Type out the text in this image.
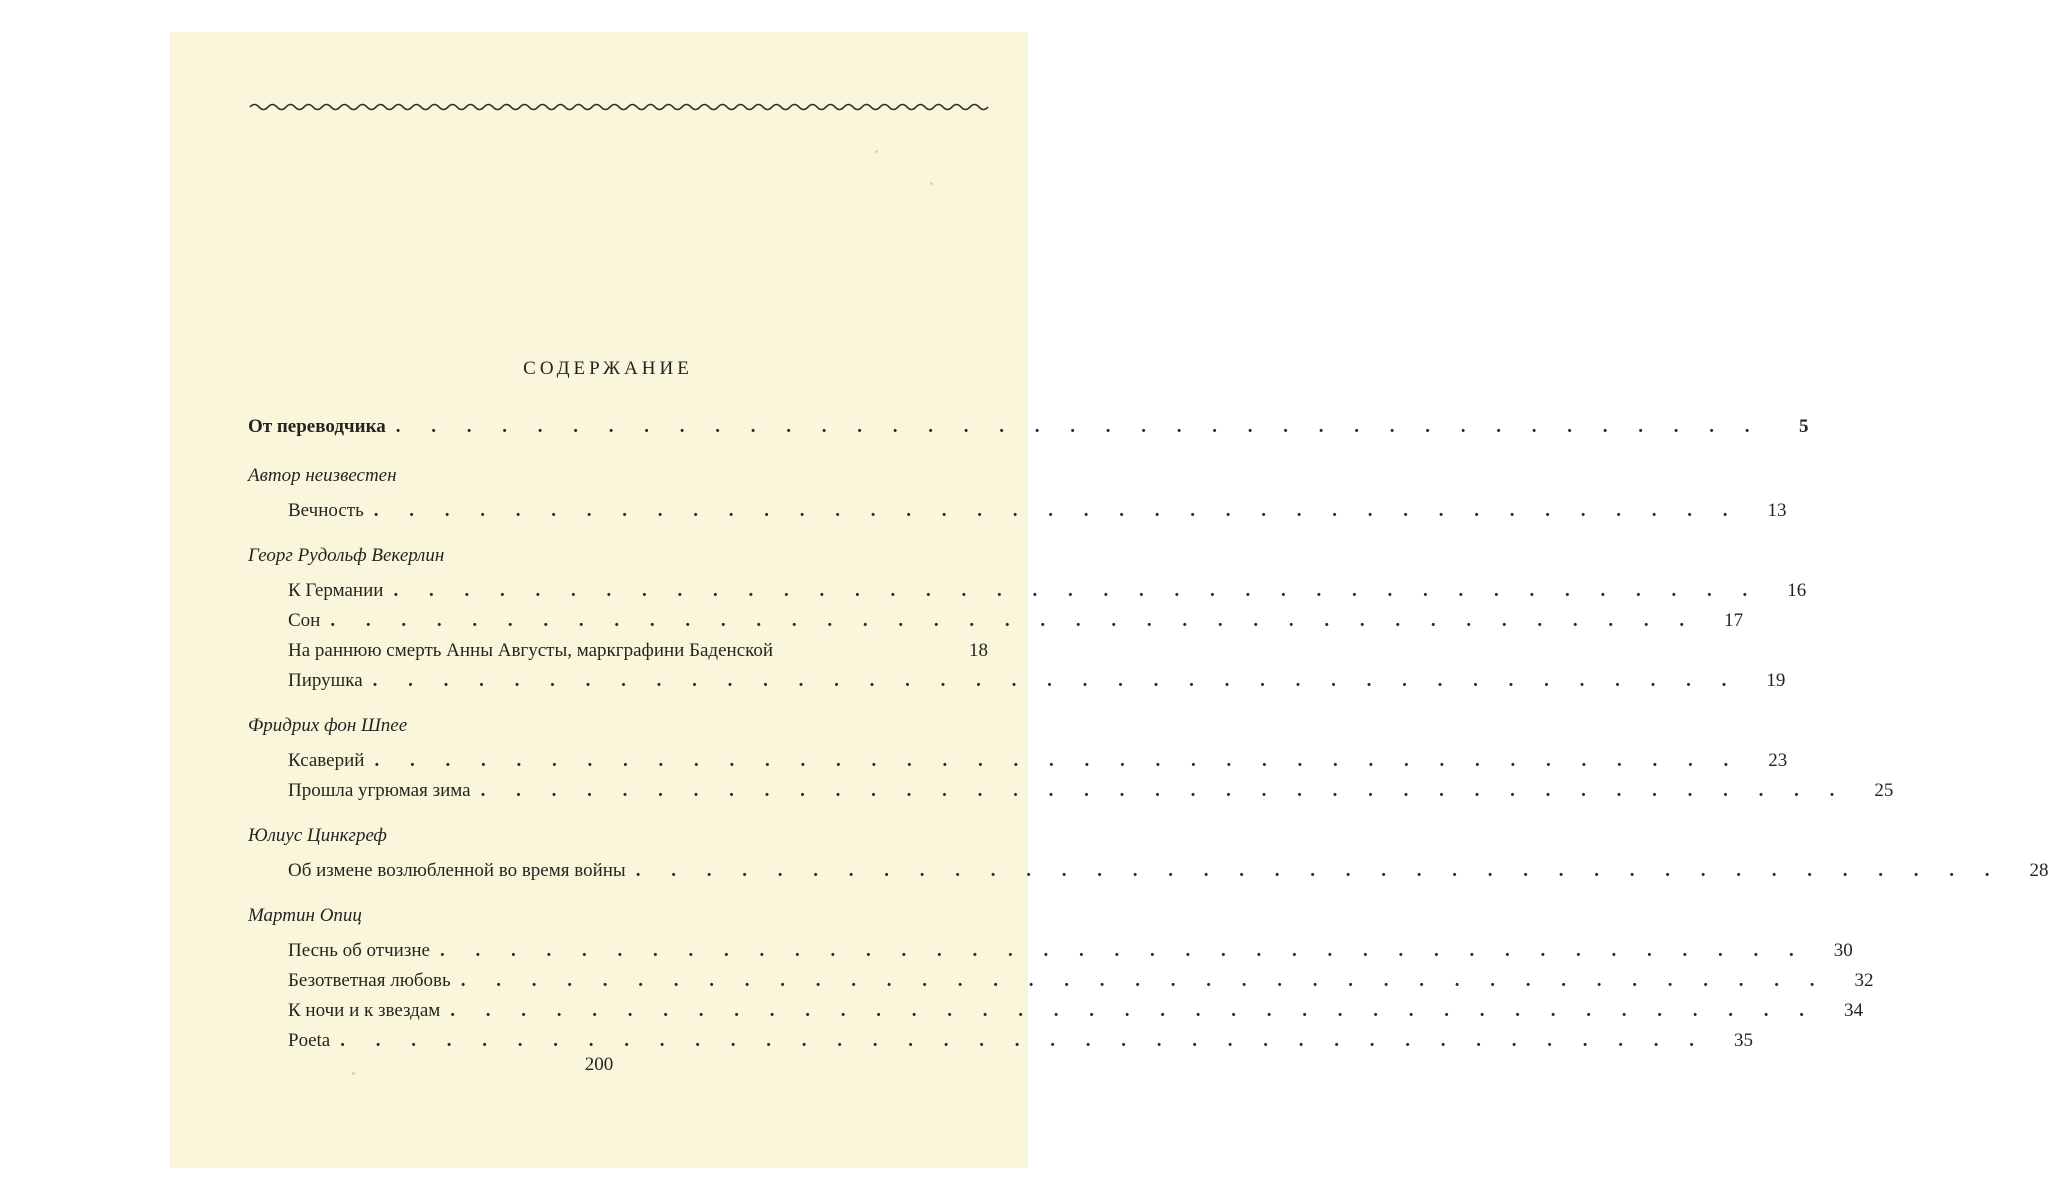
СОДЕРЖАНИЕ
От переводчика . . . . . . . . . . . . . . . . . . . . . . . . . . . . . . . . . . . . . . .	5
Автор неизвестен
Вечность . . . . . . . . . . . . . . . . . . . . . . . . . . . . . . . . . . . . . . .	13
Георг Рудольф Векерлин
К Германии . . . . . . . . . . . . . . . . . . . . . . . . . . . . . . . . . . . . . . .	16
Сон . . . . . . . . . . . . . . . . . . . . . . . . . . . . . . . . . . . . . . .	17
На раннюю смерть Анны Августы, маркграфини Баденской	18
Пирушка . . . . . . . . . . . . . . . . . . . . . . . . . . . . . . . . . . . . . . .	19
Фридрих фон Шпее
Ксаверий . . . . . . . . . . . . . . . . . . . . . . . . . . . . . . . . . . . . . . .	23
Прошла угрюмая зима . . . . . . . . . . . . . . . . . . . . . . . . . . . . . . . . . . . . . . .	25
Юлиус Цинкгреф
Об измене возлюбленной во время войны . . . . . . . . . . . . . . . . . . . . . . . . . . . . . . . . . . . . . . .	28
Мартин Опиц
Песнь об отчизне . . . . . . . . . . . . . . . . . . . . . . . . . . . . . . . . . . . . . . .	30
Безответная любовь . . . . . . . . . . . . . . . . . . . . . . . . . . . . . . . . . . . . . . .	32
К ночи и к звездам . . . . . . . . . . . . . . . . . . . . . . . . . . . . . . . . . . . . . . .	34
Poeta . . . . . . . . . . . . . . . . . . . . . . . . . . . . . . . . . . . . . . .	35
200
